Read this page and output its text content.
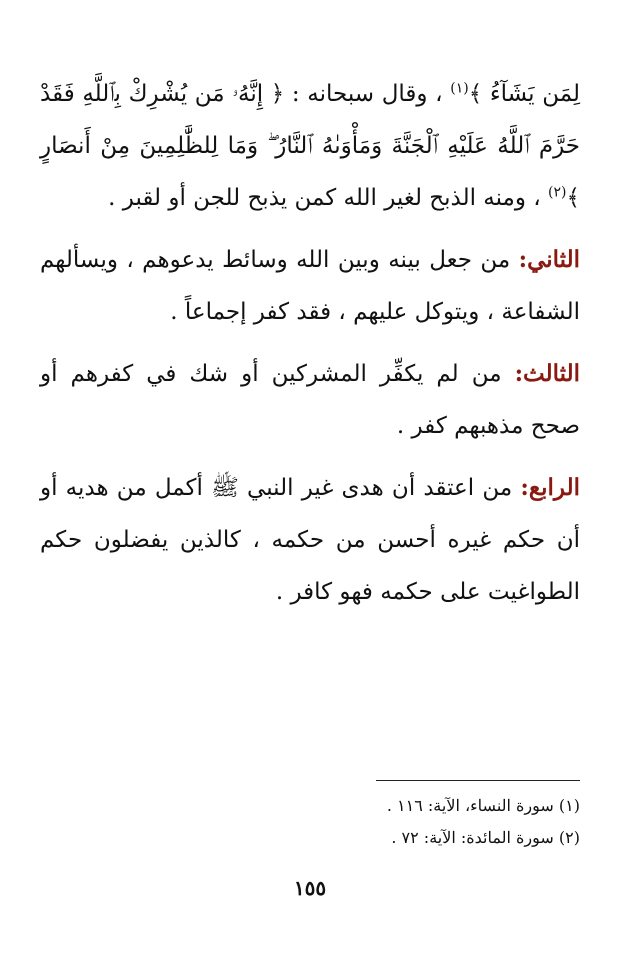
لِمَن يَشَآءُ ﴾$^{(١)}$ ، وقال سبحانه : ﴿ إِنَّهُۥ مَن يُشْرِكْ بِٱللَّهِ فَقَدْ حَرَّمَ ٱللَّهُ عَلَيْهِ ٱلْجَنَّةَ وَمَأْوَىٰهُ ٱلنَّارُ ۖ وَمَا لِلظَّٰلِمِينَ مِنْ أَنصَارٍ ﴾$^{(٢)}$ ، ومنه الذبح لغير الله كمن يذبح للجن أو لقبر .

الثاني: من جعل بينه وبين الله وسائط يدعوهم ، ويسألهم الشفاعة ، ويتوكل عليهم ، فقد كفر إجماعاً .

الثالث: من لم يكفِّر المشركين أو شك في كفرهم أو صحح مذهبهم كفر .

الرابع: من اعتقد أن هدى غير النبي ﷺ أكمل من هديه أو أن حكم غيره أحسن من حكمه ، كالذين يفضلون حكم الطواغيت على حكمه فهو كافر .

(١) سورة النساء، الآية: ١١٦ .
(٢) سورة المائدة: الآية: ٧٢ .
١٥٥
